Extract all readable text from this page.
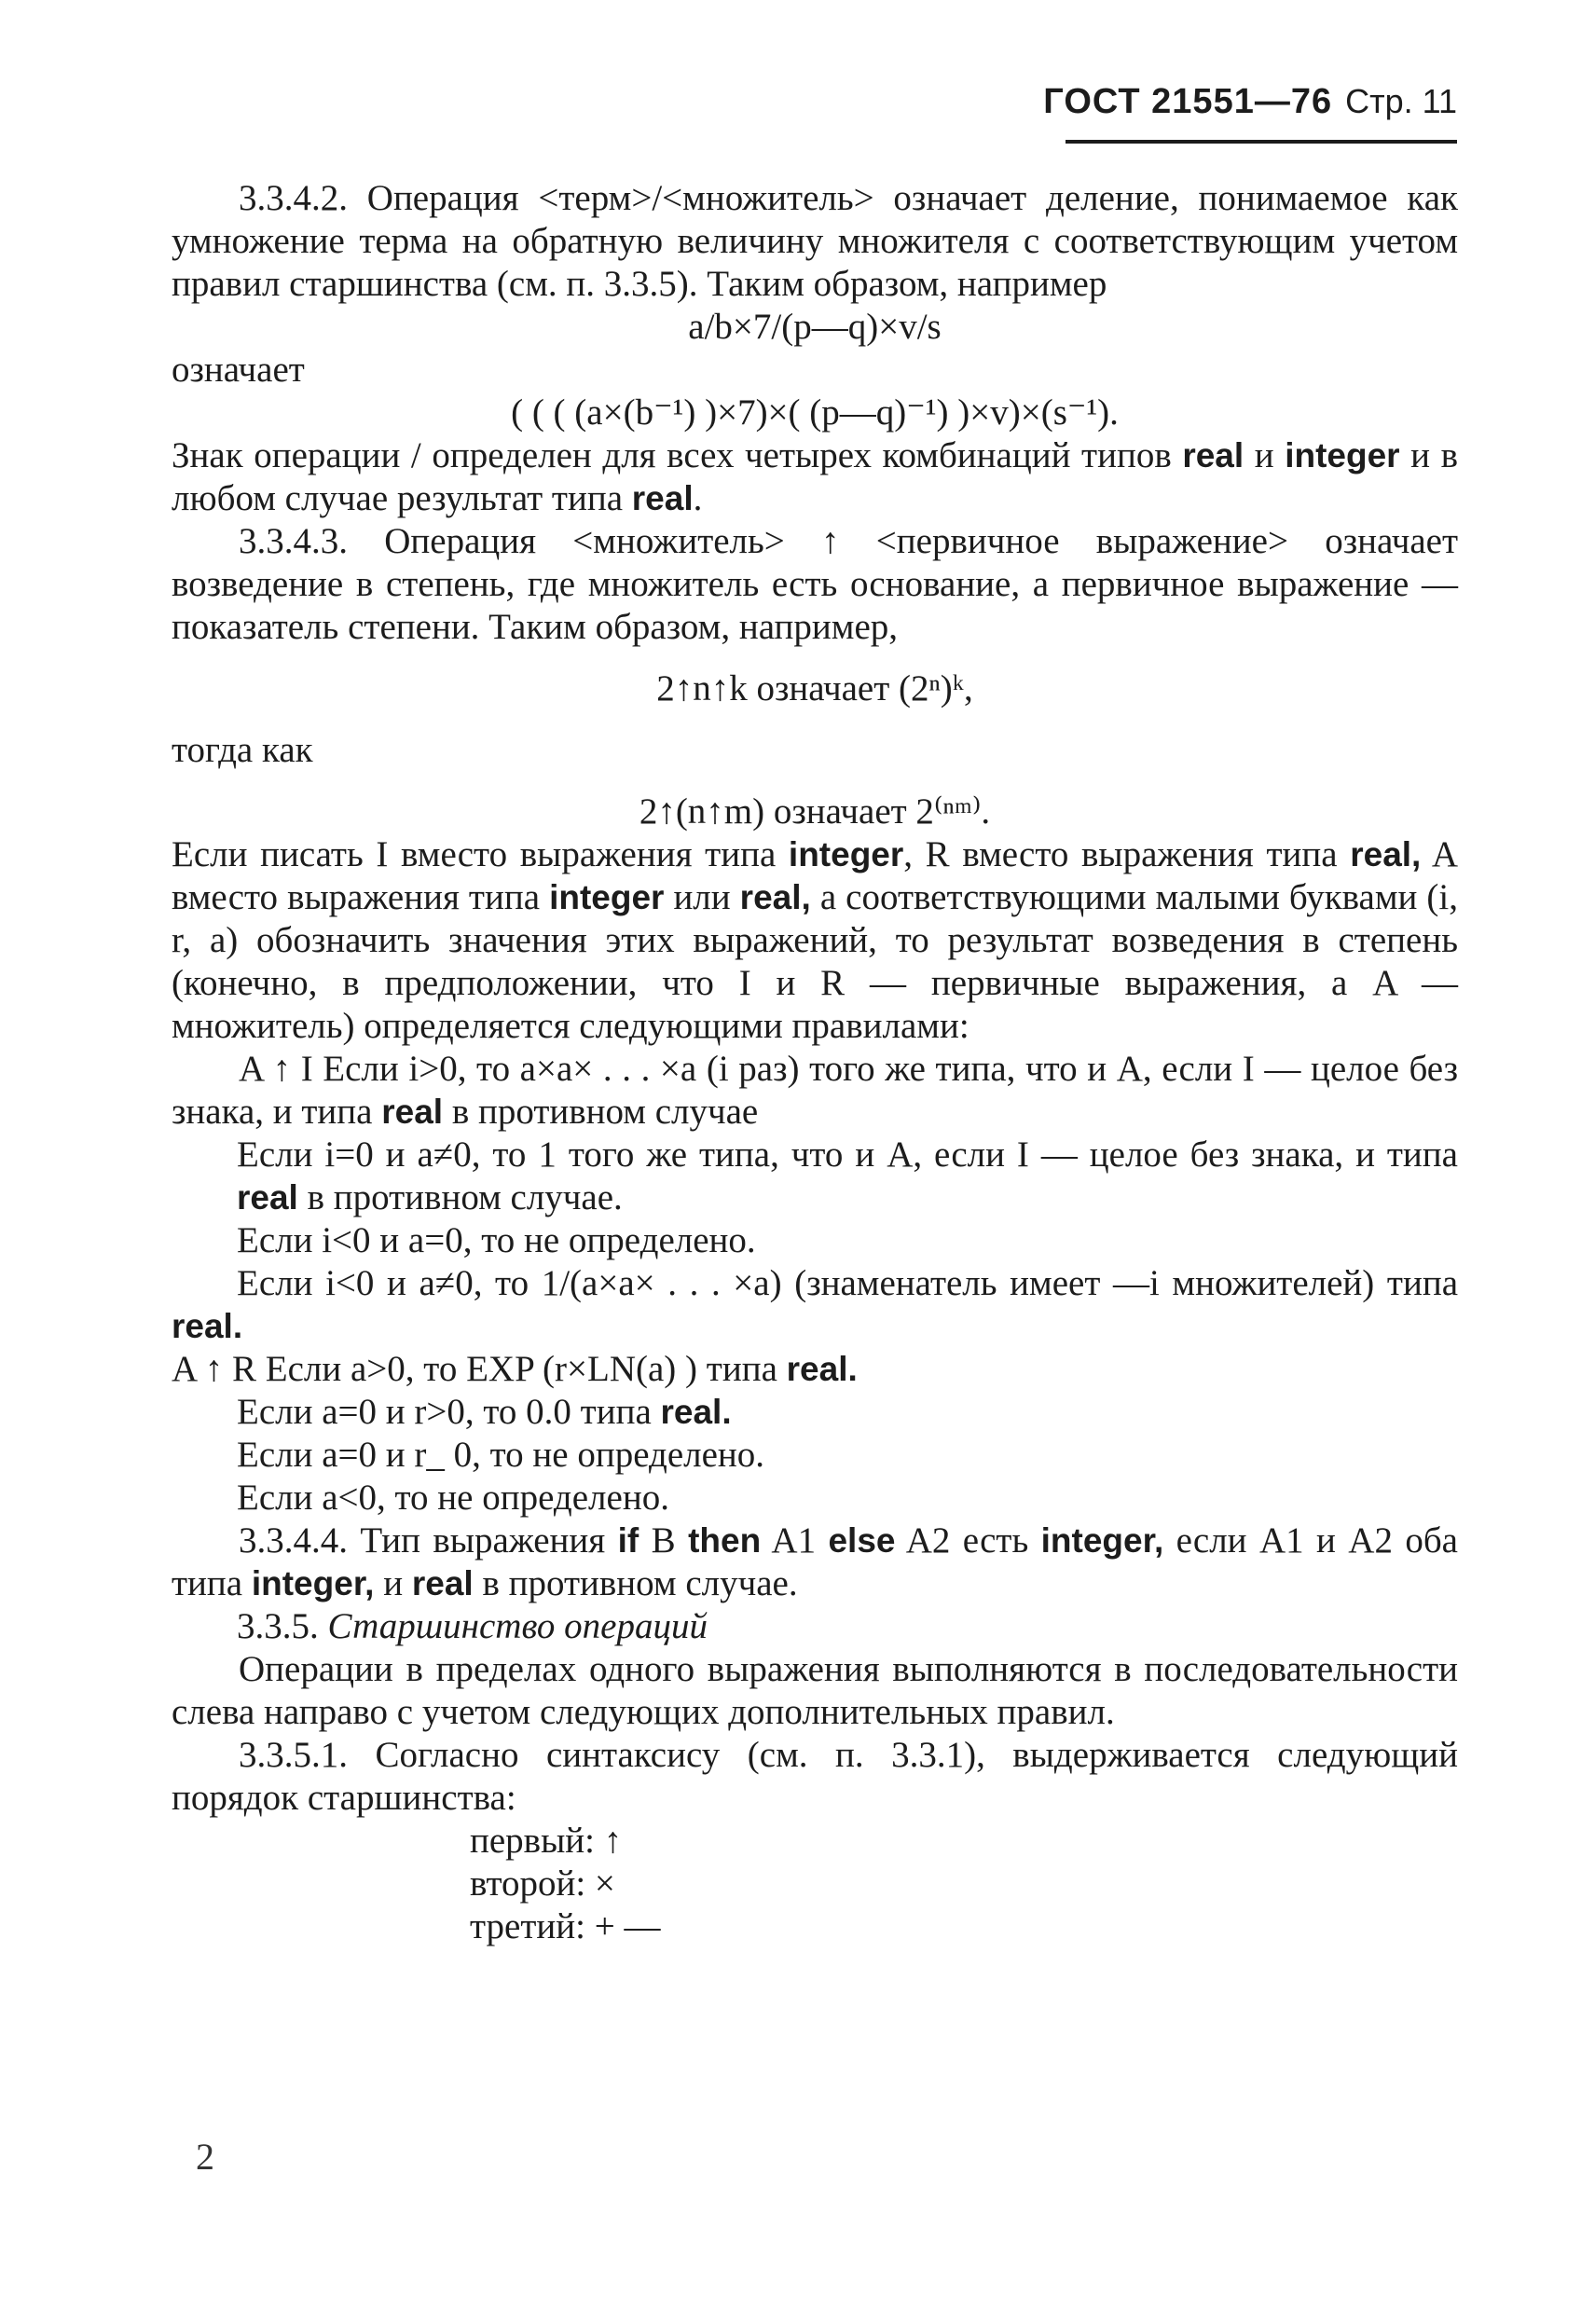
ГОСТ 21551—76 Стр. 11

3.3.4.2. Операция <терм>/<множитель> означает деление, понимаемое как умножение терма на обратную величину множителя с соответствующим учетом правил старшинства (см. п. 3.3.5). Таким образом, например

a/b×7/(p—q)×v/s

означает

( ( ( (a×(b⁻¹) )×7)×( (p—q)⁻¹) )×v)×(s⁻¹).

Знак операции / определен для всех четырех комбинаций типов real и integer и в любом случае результат типа real.

3.3.4.3. Операция <множитель> ↑ <первичное выражение> означает возведение в степень, где множитель есть основание, а первичное выражение — показатель степени. Таким образом, например,

2↑n↑k означает (2ⁿ)ᵏ,

тогда как

2↑(n↑m) означает 2⁽ⁿᵐ⁾.

Если писать I вместо выражения типа integer, R вместо выражения типа real, A вместо выражения типа integer или real, а соответствующими малыми буквами (i, r, a) обозначить значения этих выражений, то результат возведения в степень (конечно, в предположении, что I и R — первичные выражения, а A — множитель) определяется следующими правилами:

A ↑ I Если i>0, то a×a× . . . ×a (i раз) того же типа, что и A, если I — целое без знака, и типа real в противном случае

Если i=0 и a≠0, то 1 того же типа, что и A, если I — целое без знака, и типа real в противном случае.

Если i<0 и a=0, то не определено.

Если i<0 и a≠0, то 1/(a×a× . . . ×a) (знаменатель имеет —i множителей) типа real.

A ↑ R Если a>0, то EXP (r×LN(a) ) типа real.

Если a=0 и r>0, то 0.0 типа real.

Если a=0 и r_ 0, то не определено.

Если a<0, то не определено.

3.3.4.4. Тип выражения if B then A1 else A2 есть integer, если A1 и A2 оба типа integer, и real в противном случае.

3.3.5. Старшинство операций

Операции в пределах одного выражения выполняются в последовательности слева направо с учетом следующих дополнительных правил.

3.3.5.1. Согласно синтаксису (см. п. 3.3.1), выдерживается следующий порядок старшинства:

первый: ↑

второй: ×

третий: + —

2
